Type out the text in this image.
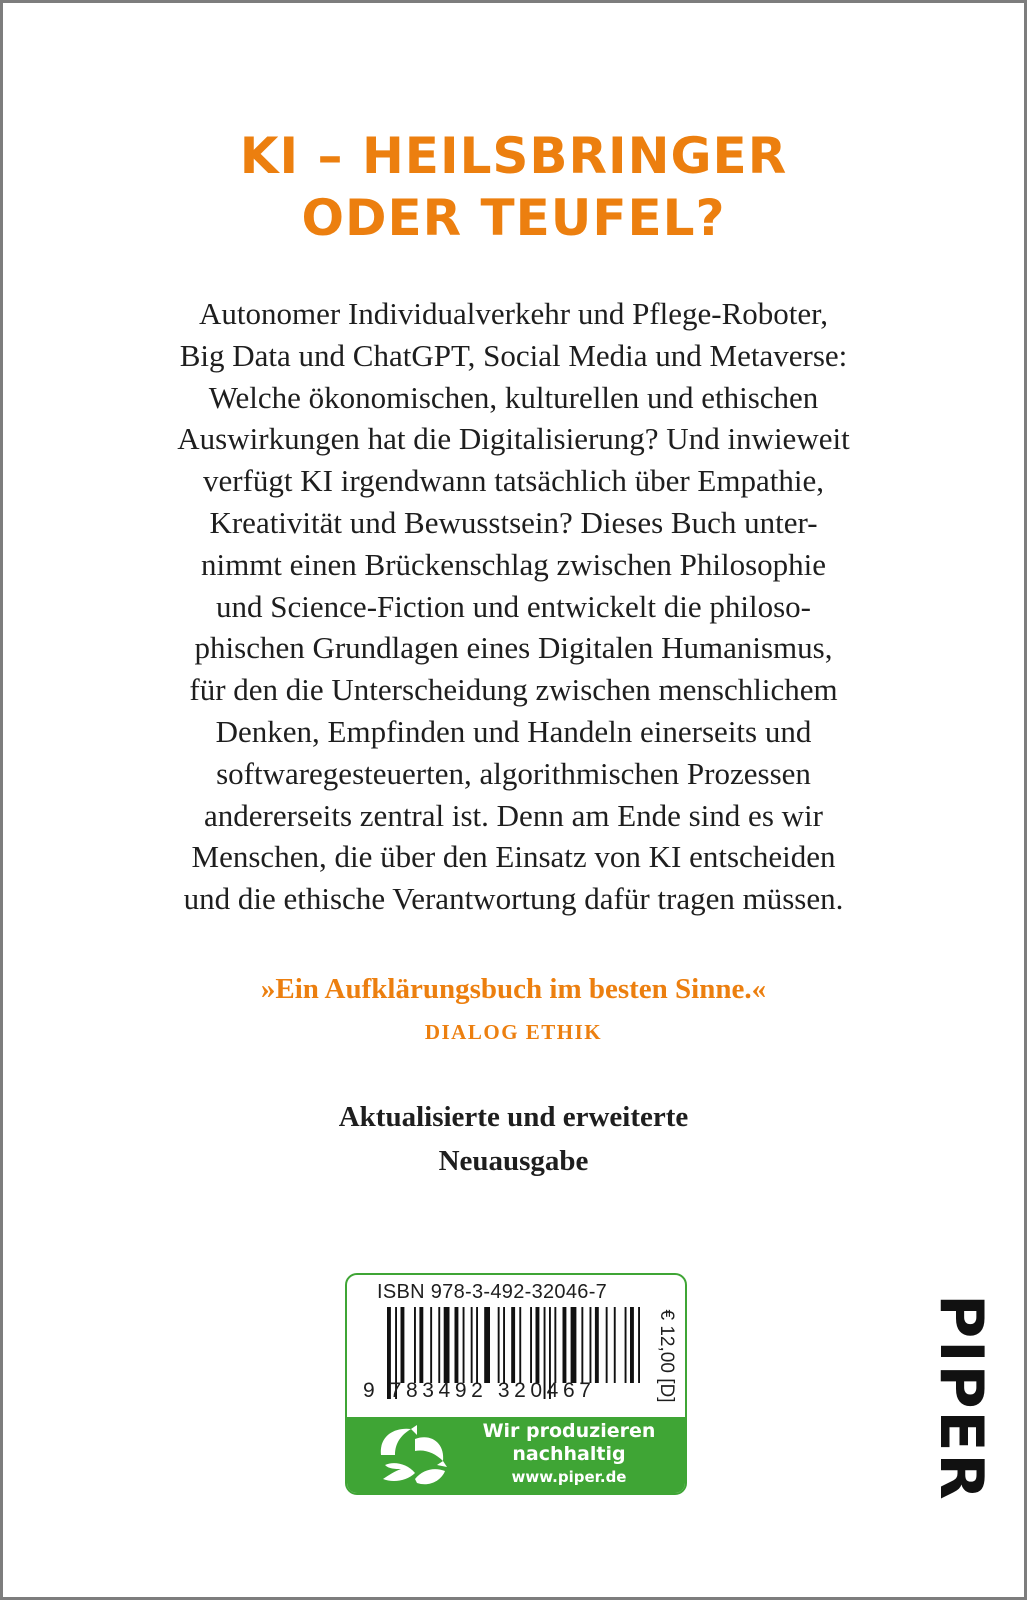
KI – HEILSBRINGER
ODER TEUFEL?
Autonomer Individualverkehr und Pflege-Roboter,
Big Data und ChatGPT, Social Media und Metaverse:
Welche ökonomischen, kulturellen und ethischen
Auswirkungen hat die Digitalisierung? Und inwieweit
verfügt KI irgendwann tatsächlich über Empathie,
Kreativität und Bewusstsein? Dieses Buch unter-
nimmt einen Brückenschlag zwischen Philosophie
und Science-Fiction und entwickelt die philoso-
phischen Grundlagen eines Digitalen Humanismus,
für den die Unterscheidung zwischen menschlichem
Denken, Empfinden und Handeln einerseits und
softwaregesteuerten, algorithmischen Prozessen
andererseits zentral ist. Denn am Ende sind es wir
Menschen, die über den Einsatz von KI entscheiden
und die ethische Verantwortung dafür tragen müssen.
»Ein Aufklärungsbuch im besten Sinne.«
DIALOG ETHIK
Aktualisierte und erweiterte
Neuausgabe
ISBN 978-3-492-32046-7
9 783492 320467	€ 12,00 [D]
Wir produzieren
nachhaltig
www.piper.de	PIPER
